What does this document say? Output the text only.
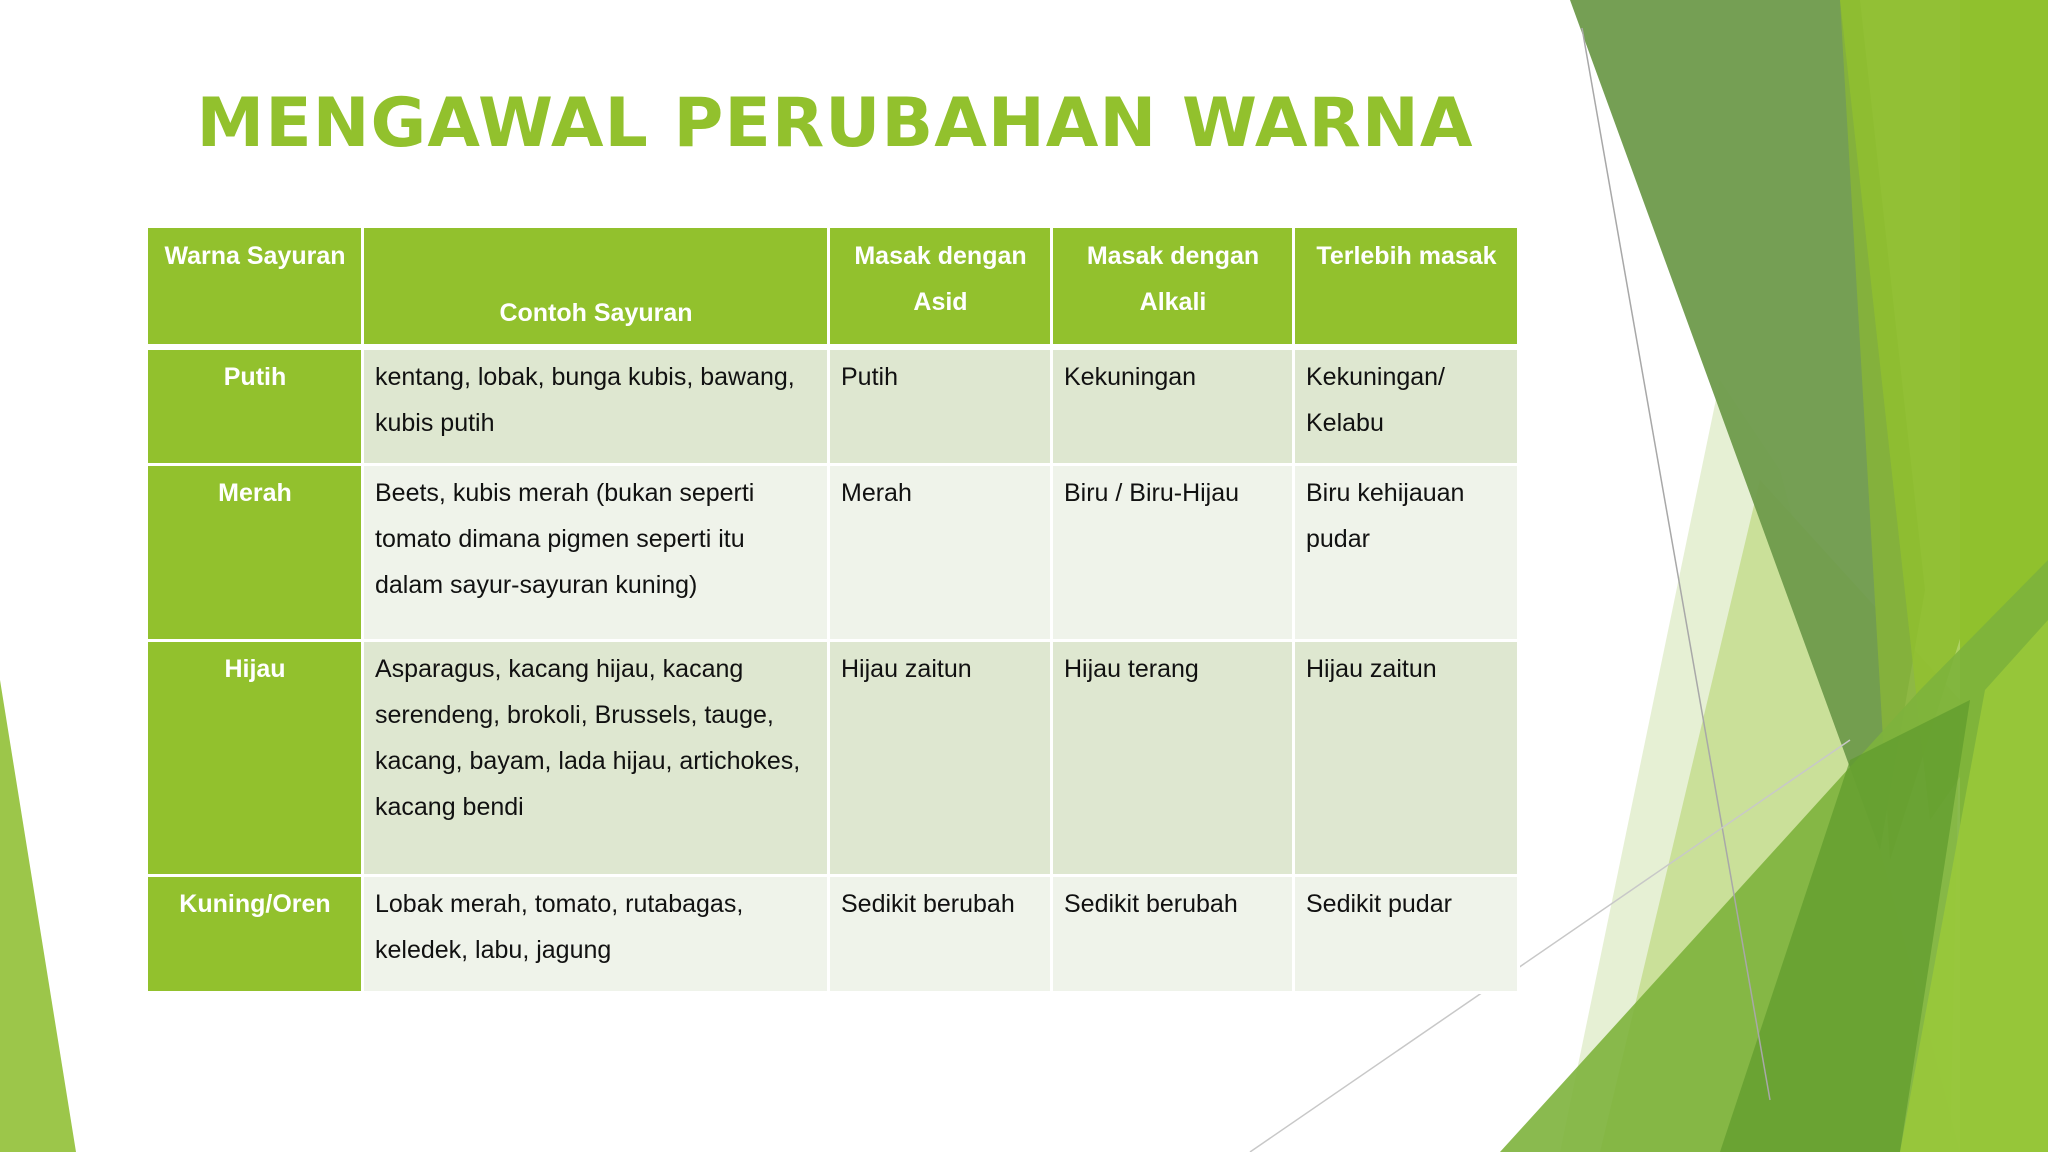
MENGAWAL PERUBAHAN WARNA
Warna Sayuran	Contoh Sayuran	Masak dengan Asid	Masak dengan Alkali	Terlebih masak
Putih	kentang, lobak, bunga kubis, bawang, kubis putih	Putih	Kekuningan	Kekuningan/ Kelabu
Merah	Beets, kubis merah (bukan seperti tomato dimana pigmen seperti itu dalam sayur-sayuran kuning)	Merah	Biru / Biru-Hijau	Biru kehijauan pudar
Hijau	Asparagus, kacang hijau, kacang serendeng, brokoli, Brussels, tauge, kacang, bayam, lada hijau, artichokes, kacang bendi	Hijau zaitun	Hijau terang	Hijau zaitun
Kuning/Oren	Lobak merah, tomato, rutabagas, keledek, labu, jagung	Sedikit berubah	Sedikit berubah	Sedikit pudar
